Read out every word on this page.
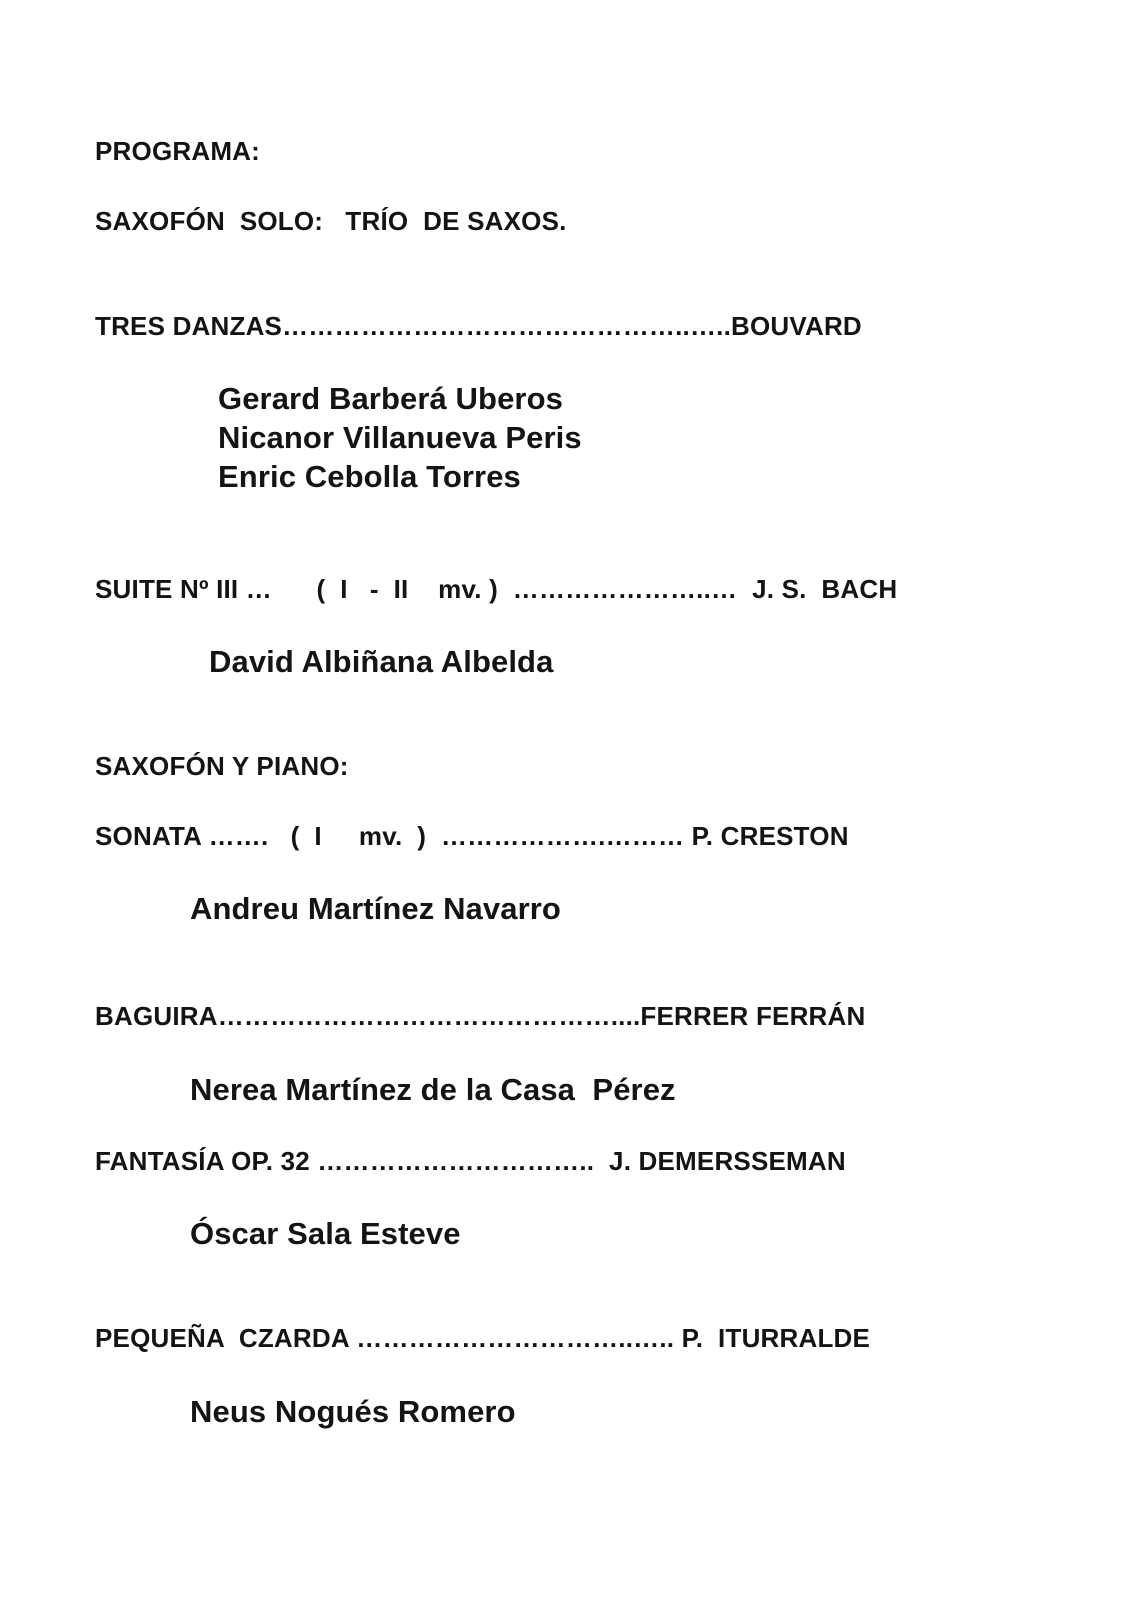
PROGRAMA:
SAXOFÓN  SOLO:   TRÍO  DE SAXOS.
TRES DANZAS………………………………………..…..BOUVARD
Gerard Barberá Uberos
Nicanor Villanueva Peris
Enric Cebolla Torres
SUITE Nº III …      (  I   -  II    mv. )  …………………..…  J. S.  BACH
David Albiñana Albelda
SAXOFÓN Y PIANO:
SONATA …….   (  I     mv.  )  ……………….……… P. CRESTON
Andreu Martínez Navarro
BAGUIRA………………………………………....FERRER FERRÁN
Nerea Martínez de la Casa  Pérez
FANTASÍA OP. 32 …………………………..  J. DEMERSSEMAN
Óscar Sala Esteve
PEQUEÑA  CZARDA …………………………..….. P.  ITURRALDE
Neus Nogués Romero
